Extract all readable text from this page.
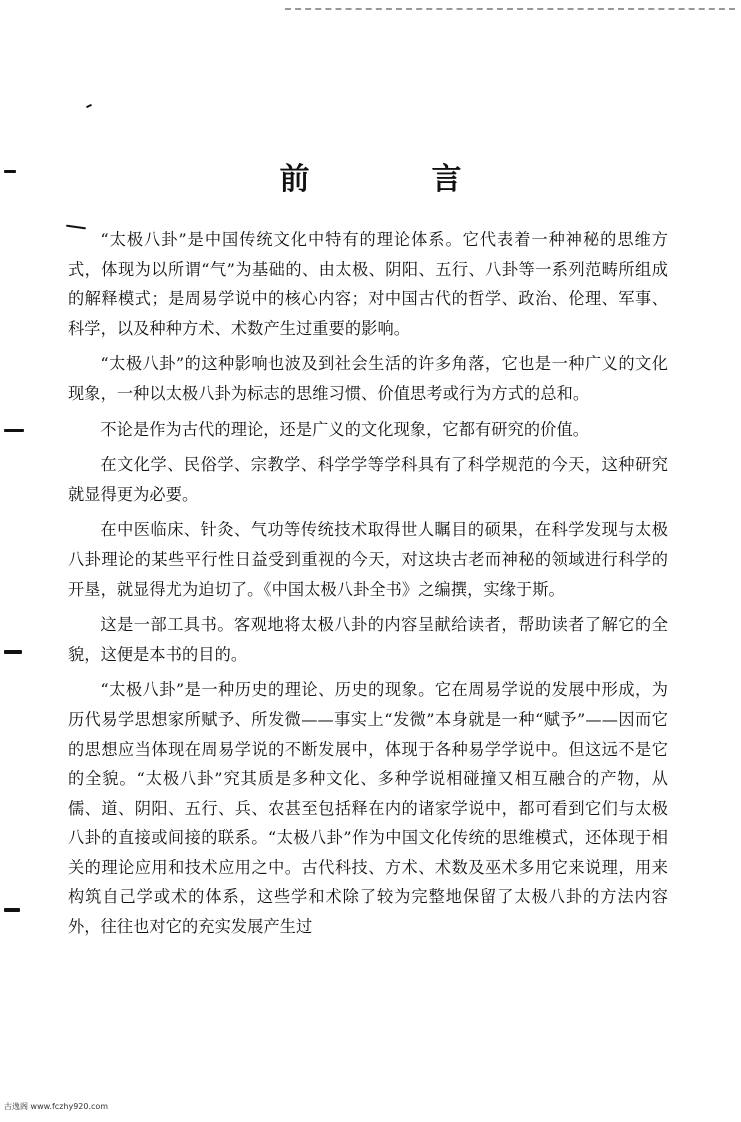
前　言

“太极八卦”是中国传统文化中特有的理论体系。它代表着一种神秘的思维方式，体现为以所谓“气”为基础的、由太极、阴阳、五行、八卦等一系列范畴所组成的解释模式；是周易学说中的核心内容；对中国古代的哲学、政治、伦理、军事、科学，以及种种方术、术数产生过重要的影响。

“太极八卦”的这种影响也波及到社会生活的许多角落，它也是一种广义的文化现象，一种以太极八卦为标志的思维习惯、价值思考或行为方式的总和。

不论是作为古代的理论，还是广义的文化现象，它都有研究的价值。

在文化学、民俗学、宗教学、科学学等学科具有了科学规范的今天，这种研究就显得更为必要。

在中医临床、针灸、气功等传统技术取得世人瞩目的硕果，在科学发现与太极八卦理论的某些平行性日益受到重视的今天，对这块古老而神秘的领域进行科学的开垦，就显得尤为迫切了。《中国太极八卦全书》之编撰，实缘于斯。

这是一部工具书。客观地将太极八卦的内容呈献给读者，帮助读者了解它的全貌，这便是本书的目的。

“太极八卦”是一种历史的理论、历史的现象。它在周易学说的发展中形成，为历代易学思想家所赋予、所发微——事实上“发微”本身就是一种“赋予”——因而它的思想应当体现在周易学说的不断发展中，体现于各种易学学说中。但这远不是它的全貌。“太极八卦”究其质是多种文化、多种学说相碰撞又相互融合的产物，从儒、道、阴阳、五行、兵、农甚至包括释在内的诸家学说中，都可看到它们与太极八卦的直接或间接的联系。“太极八卦”作为中国文化传统的思维模式，还体现于相关的理论应用和技术应用之中。古代科技、方术、术数及巫术多用它来说理，用来构筑自己学或术的体系，这些学和术除了较为完整地保留了太极八卦的方法内容外，往往也对它的充实发展产生过

古逸阁 www.fczhy920.com
